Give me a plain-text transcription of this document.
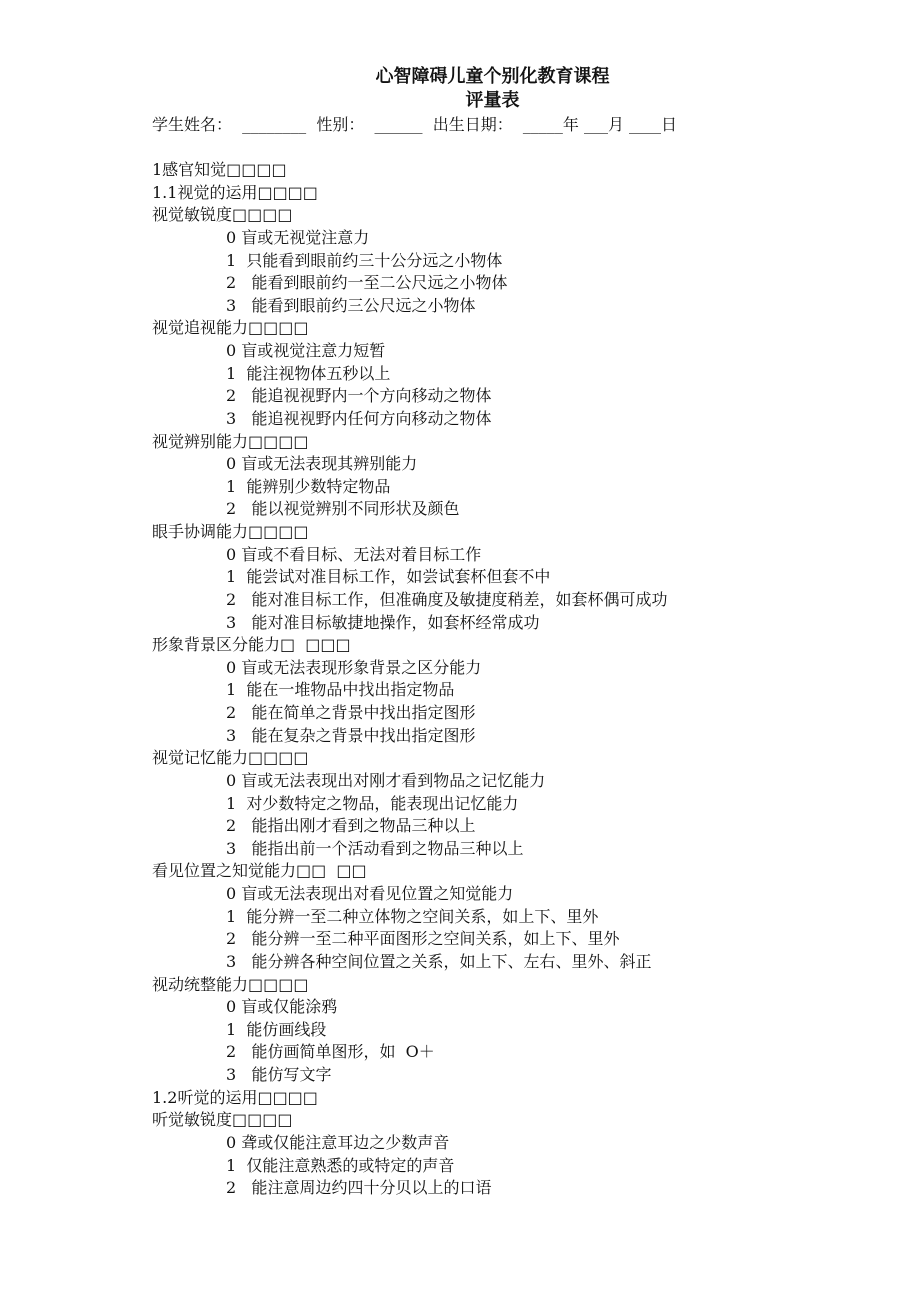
心智障碍儿童个别化教育课程
评量表
学生姓名：  ________  性别：  ______  出生日期：  _____年 ___月 ____日
1感官知觉□□□□
1.1视觉的运用□□□□
视觉敏锐度□□□□
0 盲或无视觉注意力
1  只能看到眼前约三十公分远之小物体
2   能看到眼前约一至二公尺远之小物体
3   能看到眼前约三公尺远之小物体
视觉追视能力□□□□
0 盲或视觉注意力短暂
1  能注视物体五秒以上
2   能追视视野内一个方向移动之物体
3   能追视视野内任何方向移动之物体
视觉辨别能力□□□□
0 盲或无法表现其辨别能力
1  能辨别少数特定物品
2   能以视觉辨别不同形状及颜色
眼手协调能力□□□□
0 盲或不看目标、无法对着目标工作
1  能尝试对准目标工作，如尝试套杯但套不中
2   能对准目标工作，但准确度及敏捷度稍差，如套杯偶可成功
3   能对准目标敏捷地操作，如套杯经常成功
形象背景区分能力□  □□□
0 盲或无法表现形象背景之区分能力
1  能在一堆物品中找出指定物品
2   能在简单之背景中找出指定图形
3   能在复杂之背景中找出指定图形
视觉记忆能力□□□□
0 盲或无法表现出对刚才看到物品之记忆能力
1  对少数特定之物品，能表现出记忆能力
2   能指出刚才看到之物品三种以上
3   能指出前一个活动看到之物品三种以上
看见位置之知觉能力□□  □□
0 盲或无法表现出对看见位置之知觉能力
1  能分辨一至二种立体物之空间关系，如上下、里外
2   能分辨一至二种平面图形之空间关系，如上下、里外
3   能分辨各种空间位置之关系，如上下、左右、里外、斜正
视动统整能力□□□□
0 盲或仅能涂鸦
1  能仿画线段
2   能仿画简单图形，如  O＋
3   能仿写文字
1.2听觉的运用□□□□
听觉敏锐度□□□□
0 聋或仅能注意耳边之少数声音
1  仅能注意熟悉的或特定的声音
2   能注意周边约四十分贝以上的口语
